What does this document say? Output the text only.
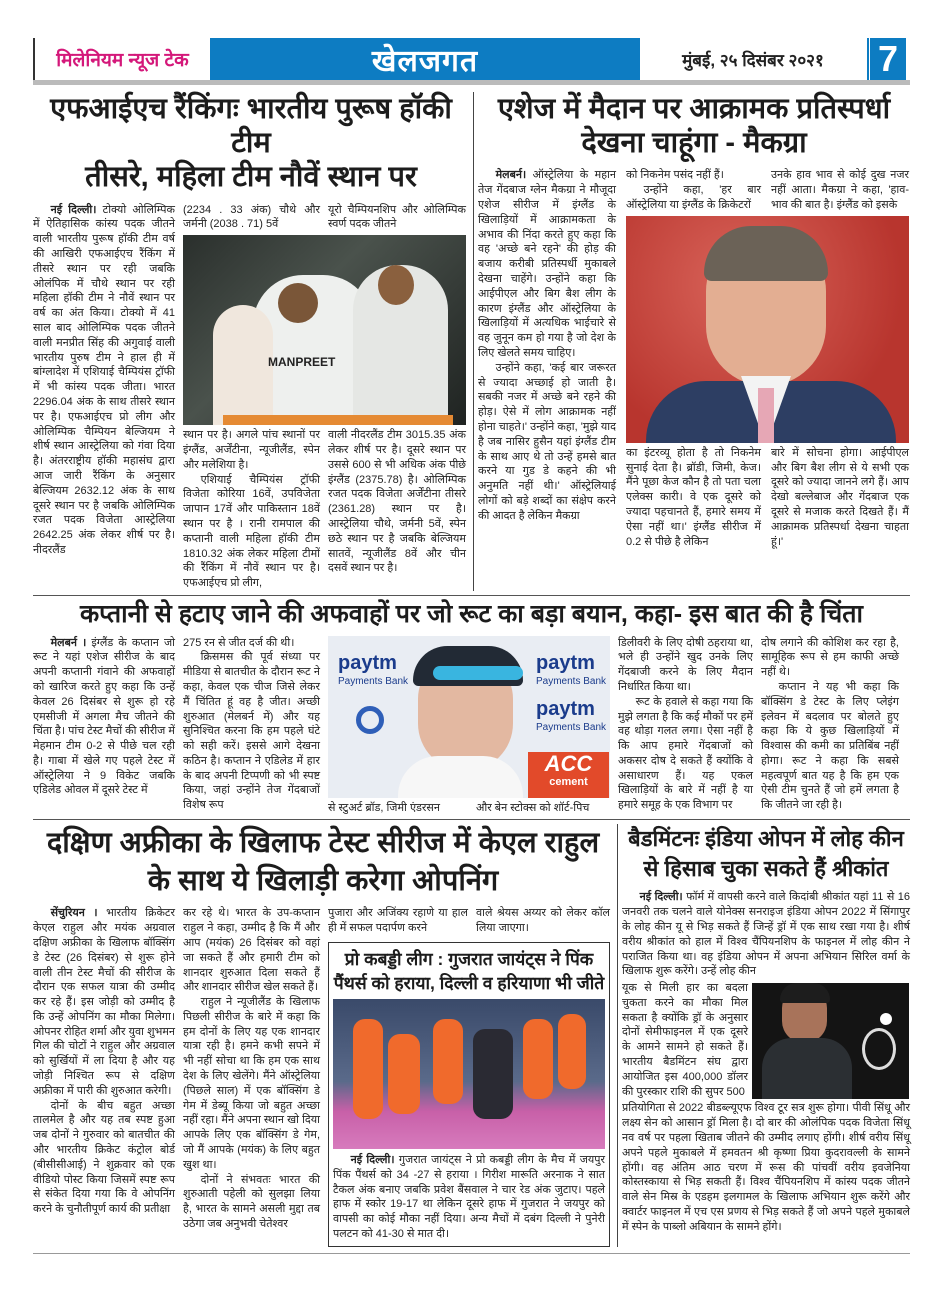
मिलेनियम न्यूज टेक	खेलजगत	मुंबई, २५ दिसंबर २०२१	7
एफआईएच रैंकिंगः भारतीय पुरूष हॉकी टीम
तीसरे, महिला टीम नौवें स्थान पर

नई दिल्ली। टोक्यो ओलिम्पिक में ऐतिहासिक कांस्य पदक जीतने वाली भारतीय पुरूष हॉकी टीम वर्ष की आखिरी एफआईएच रैंकिंग में तीसरे स्थान पर रही जबकि ओलंपिक में चौथे स्थान पर रही महिला हॉकी टीम ने नौवें स्थान पर वर्ष का अंत किया। टोक्यो में 41 साल बाद ओलिम्पिक पदक जीतने वाली मनप्रीत सिंह की अगुवाई वाली भारतीय पुरुष टीम ने हाल ही में बांग्लादेश में एशियाई चैम्पियंस ट्रॉफी में भी कांस्य पदक जीता। भारत 2296.04 अंक के साथ तीसरे स्थान पर है। एफआईएच प्रो लीग और ओलिम्पिक चैम्पियन बेल्जियम ने शीर्ष स्थान आस्ट्रेलिया को गंवा दिया है। अंतरराष्ट्रीय हॉकी महासंघ द्वारा आज जारी रैंकिंग के अनुसार बेल्जियम 2632.12 अंक के साथ दूसरे स्थान पर है जबकि ओलिम्पिक रजत पदक विजेता आस्ट्रेलिया 2642.25 अंक लेकर शीर्ष पर है। नीदरलैंड

(2234 . 33 अंक) चौथे और जर्मनी (2038 . 71) 5वें

यूरो चैम्पियनशिप और ओलिम्पिक स्वर्ण पदक जीतने

MANPREET

स्थान पर है। अगले पांच स्थानों पर इंग्लैंड, अर्जेंटीना, न्यूजीलैंड, स्पेन और मलेशिया है।

एशियाई चैम्पियंस ट्रॉफी विजेता कोरिया 16वें, उपविजेता जापान 17वें और पाकिस्तान 18वें स्थान पर है । रानी रामपाल की कप्तानी वाली महिला हॉकी टीम 1810.32 अंक लेकर महिला टीमों की रैंकिंग में नौवें स्थान पर है। एफआईएच प्रो लीग,

वाली नीदरलैंड टीम 3015.35 अंक लेकर शीर्ष पर है। दूसरे स्थान पर उससे 600 से भी अधिक अंक पीछे इंग्लैंड (2375.78) है। ओलिम्पिक रजत पदक विजेता अर्जेंटीना तीसरे (2361.28) स्थान पर है। आस्ट्रेलिया चौथे, जर्मनी 5वें, स्पेन छठे स्थान पर है जबकि बेल्जियम सातवें, न्यूजीलैंड 8वें और चीन दसवें स्थान पर है।

एशेज में मैदान पर आक्रामक प्रतिस्पर्धा
देखना चाहूंगा - मैकग्रा

मेलबर्न। ऑस्ट्रेलिया के महान तेज गेंदबाज ग्लेन मैकग्रा ने मौजूदा एशेज सीरीज में इंग्लैंड के खिलाड़ियों में आक्रामकता के अभाव की निंदा करते हुए कहा कि वह 'अच्छे बने रहने' की होड़ की बजाय करीबी प्रतिस्पर्धी मुकाबले देखना चाहेंगे। उन्होंने कहा कि आईपीएल और बिग बैश लीग के कारण इंग्लैंड और ऑस्ट्रेलिया के खिलाड़ियों में अत्यधिक भाईचारे से वह जुनून कम हो गया है जो देश के लिए खेलते समय चाहिए।

उन्होंने कहा, 'कई बार जरूरत से ज्यादा अच्छाई हो जाती है। सबकी नजर में अच्छे बने रहने की होड़। ऐसे में लोग आक्रामक नहीं होना चाहते।' उन्होंने कहा, 'मुझे याद है जब नासिर हुसैन यहां इंग्लैंड टीम के साथ आए थे तो उन्हें हमसे बात करने या गुड डे कहने की भी अनुमति नहीं थी।' ऑस्ट्रेलियाई लोगों को बड़े शब्दों का संक्षेप करने की आदत है लेकिन मैकग्रा

को निकनेम पसंद नहीं हैं।

उन्होंने कहा, 'हर बार ऑस्ट्रेलिया या इंग्लैंड के क्रिकेटरों

उनके हाव भाव से कोई दुख नजर नहीं आता। मैकग्रा ने कहा, 'हाव-भाव की बात है। इंग्लैंड को इसके

का इंटरव्यू होता है तो निकनेम सुनाई देता है। ब्रॉडी, जिमी, केज। मैंने पूछा केज कौन है तो पता चला एलेक्स कारी। वे एक दूसरे को ज्यादा पहचानते हैं, हमारे समय में ऐसा नहीं था।' इंग्लैंड सीरीज में 0.2 से पीछे है लेकिन

बारे में सोचना होगा। आईपीएल और बिग बैश लीग से ये सभी एक दूसरे को ज्यादा जानने लगे हैं। आप देखो बल्लेबाज और गेंदबाज एक दूसरे से मजाक करते दिखते हैं। मैं आक्रामक प्रतिस्पर्धा देखना चाहता हूं।'

कप्तानी से हटाए जाने की अफवाहों पर जो रूट का बड़ा बयान, कहा- इस बात की है चिंता

मेलबर्न । इंग्लैंड के कप्तान जो रूट ने यहां एशेज सीरीज के बाद अपनी कप्तानी गंवाने की अफवाहों को खारिज करते हुए कहा कि उन्हें केवल 26 दिसंबर से शुरू हो रहे एमसीजी में अगला मैच जीतने की चिंता है। पांच टेस्ट मैचों की सीरीज में मेहमान टीम 0-2 से पीछे चल रही है। गाबा में खेले गए पहले टेस्ट में ऑस्ट्रेलिया ने 9 विकेट जबकि एडिलेड ओवल में दूसरे टेस्ट में

275 रन से जीत दर्ज की थी।

क्रिसमस की पूर्व संध्या पर मीडिया से बातचीत के दौरान रूट ने कहा, केवल एक चीज जिसे लेकर मैं चिंतित हूं वह है जीत। अच्छी शुरुआत (मेलबर्न में) और यह सुनिश्चित करना कि हम पहले घंटे को सही करें। इससे आगे देखना कठिन है। कप्तान ने एडिलेड में हार के बाद अपनी टिप्पणी को भी स्पष्ट किया, जहां उन्होंने तेज गेंदबाजों विशेष रूप

paytm
Payments Bank
paytm
Payments Bank
paytm
Payments Bank
ACC
cement

से स्टुअर्ट ब्रॉड, जिमी एंडरसन	और बेन स्टोक्स को शॉर्ट-पिच

डिलीवरी के लिए दोषी ठहराया था, भले ही उन्होंने खुद उनके लिए गेंदबाजी करने के लिए मैदान निर्धारित किया था।

रूट के हवाले से कहा गया कि मुझे लगता है कि कई मौकों पर हमें वह थोड़ा गलत लगा। ऐसा नहीं है कि आप हमारे गेंदबाजों को अकसर दोष दे सकते हैं क्योंकि वे असाधारण हैं। यह एकल खिलाड़ियों के बारे में नहीं है या हमारे समूह के एक विभाग पर

दोष लगाने की कोशिश कर रहा है, सामूहिक रूप से हम काफी अच्छे नहीं थे।

कप्तान ने यह भी कहा कि बॉक्सिंग डे टेस्ट के लिए प्लेइंग इलेवन में बदलाव पर बोलते हुए कहा कि ये कुछ खिलाड़ियों में विश्वास की कमी का प्रतिबिंब नहीं होगा। रूट ने कहा कि सबसे महत्वपूर्ण बात यह है कि हम एक ऐसी टीम चुनते हैं जो हमें लगता है कि जीतने जा रही है।

दक्षिण अफ्रीका के खिलाफ टेस्ट सीरीज में केएल राहुल
के साथ ये खिलाड़ी करेगा ओपनिंग

सेंचुरियन । भारतीय क्रिकेटर केएल राहुल और मयंक अग्रवाल दक्षिण अफ्रीका के खिलाफ बॉक्सिंग डे टेस्ट (26 दिसंबर) से शुरू होने वाली तीन टेस्ट मैचों की सीरीज के दौरान एक सफल यात्रा की उम्मीद कर रहे हैं। इस जोड़ी को उम्मीद है कि उन्हें ओपनिंग का मौका मिलेगा। ओपनर रोहित शर्मा और युवा शुभमन गिल की चोटों ने राहुल और अग्रवाल को सुर्खियों में ला दिया है और यह जोड़ी निश्चित रूप से दक्षिण अफ्रीका में पारी की शुरुआत करेगी।

दोनों के बीच बहुत अच्छा तालमेल है और यह तब स्पष्ट हुआ जब दोनों ने गुरुवार को बातचीत की और भारतीय क्रिकेट कंट्रोल बोर्ड (बीसीसीआई) ने शुक्रवार को एक वीडियो पोस्ट किया जिसमें स्पष्ट रूप से संकेत दिया गया कि वे ओपनिंग करने के चुनौतीपूर्ण कार्य की प्रतीक्षा

कर रहे थे। भारत के उप-कप्तान राहुल ने कहा, उम्मीद है कि मैं और आप (मयंक) 26 दिसंबर को वहां जा सकते हैं और हमारी टीम को शानदार शुरुआत दिला सकते हैं और शानदार सीरीज खेल सकते हैं।

राहुल ने न्यूजीलैंड के खिलाफ पिछली सीरीज के बारे में कहा कि हम दोनों के लिए यह एक शानदार यात्रा रही है। हमने कभी सपने में भी नहीं सोचा था कि हम एक साथ देश के लिए खेलेंगे। मैंने ऑस्ट्रेलिया (पिछले साल) में एक बॉक्सिंग डे गेम में डेब्यू किया जो बहुत अच्छा नहीं रहा। मैंने अपना स्थान खो दिया आपके लिए एक बॉक्सिंग डे गेम, जो मैं आपके (मयंक) के लिए बहुत खुश था।

दोनों ने संभवतः भारत की शुरुआती पहेली को सुलझा लिया है, भारत के सामने असली मुद्दा तब उठेगा जब अनुभवी चेतेश्वर

पुजारा और अजिंक्य रहाणे या हाल ही में सफल पदार्पण करने

वाले श्रेयस अय्यर को लेकर कॉल लिया जाएगा।

प्रो कबड्डी लीग : गुजरात जायंट्स ने पिंक
पैंथर्स को हराया, दिल्ली व हरियाणा भी जीते

नई दिल्ली। गुजरात जायंट्स ने प्रो कबड्डी लीग के मैच में जयपुर पिंक पैंथर्स को 34 -27 से हराया । गिरीश मारूति अरनाक ने सात टैकल अंक बनाए जबकि प्रवेश बैंसवाल ने चार रेड अंक जुटाए। पहले हाफ में स्कोर 19-17 था लेकिन दूसरे हाफ में गुजरात ने जयपुर को वापसी का कोई मौका नहीं दिया। अन्य मैचों में दबंग दिल्ली ने पुनेरी पलटन को 41-30 से मात दी।

बैडमिंटनः इंडिया ओपन में लोह कीन
से हिसाब चुका सकते हैं श्रीकांत

नई दिल्ली। फॉर्म में वापसी करने वाले किदांबी श्रीकांत यहां 11 से 16 जनवरी तक चलने वाले योनेक्स सनराइज इंडिया ओपन 2022 में सिंगापुर के लोह कीन यू से भिड़ सकते हैं जिन्हें ड्रॉ में एक साथ रखा गया है। शीर्ष वरीय श्रीकांत को हाल में विश्व चैंपियनशिप के फाइनल में लोह कीन ने पराजित किया था। वह इंडिया ओपन में अपना अभियान सिरिल वर्मा के खिलाफ शुरू करेंगे। उन्हें लोह कीन

यूक से मिली हार का बदला चुकता करने का मौका मिल सकता है क्योंकि ड्रॉ के अनुसार दोनों सेमीफाइनल में एक दूसरे के आमने सामने हो सकते हैं। भारतीय बैडमिंटन संघ द्वारा आयोजित इस 400,000 डॉलर की पुरस्कार राशि की सुपर 500

प्रतियोगिता से 2022 बीडब्ल्यूएफ विश्व टूर सत्र शुरू होगा। पीवी सिंधू और लक्ष्य सेन को आसान ड्रॉ मिला है। दो बार की ओलंपिक पदक विजेता सिंधू नव वर्ष पर पहला खिताब जीतने की उम्मीद लगाए होंगी। शीर्ष वरीय सिंधू अपने पहले मुकाबले में हमवतन श्री कृष्णा प्रिया कुदरावल्ली के सामने होंगी। वह अंतिम आठ चरण में रूस की पांचवीं वरीय इवजेनिया कोस्तस्काया से भिड़ सकती हैं। विश्व चैंपियनशिप में कांस्य पदक जीतने वाले सेन मिस्र के एडहम इलगामल के खिलाफ अभियान शुरू करेंगे और क्वार्टर फाइनल में एच एस प्रणय से भिड़ सकते हैं जो अपने पहले मुकाबले में स्पेन के पाब्लो अबियान के सामने होंगे।
